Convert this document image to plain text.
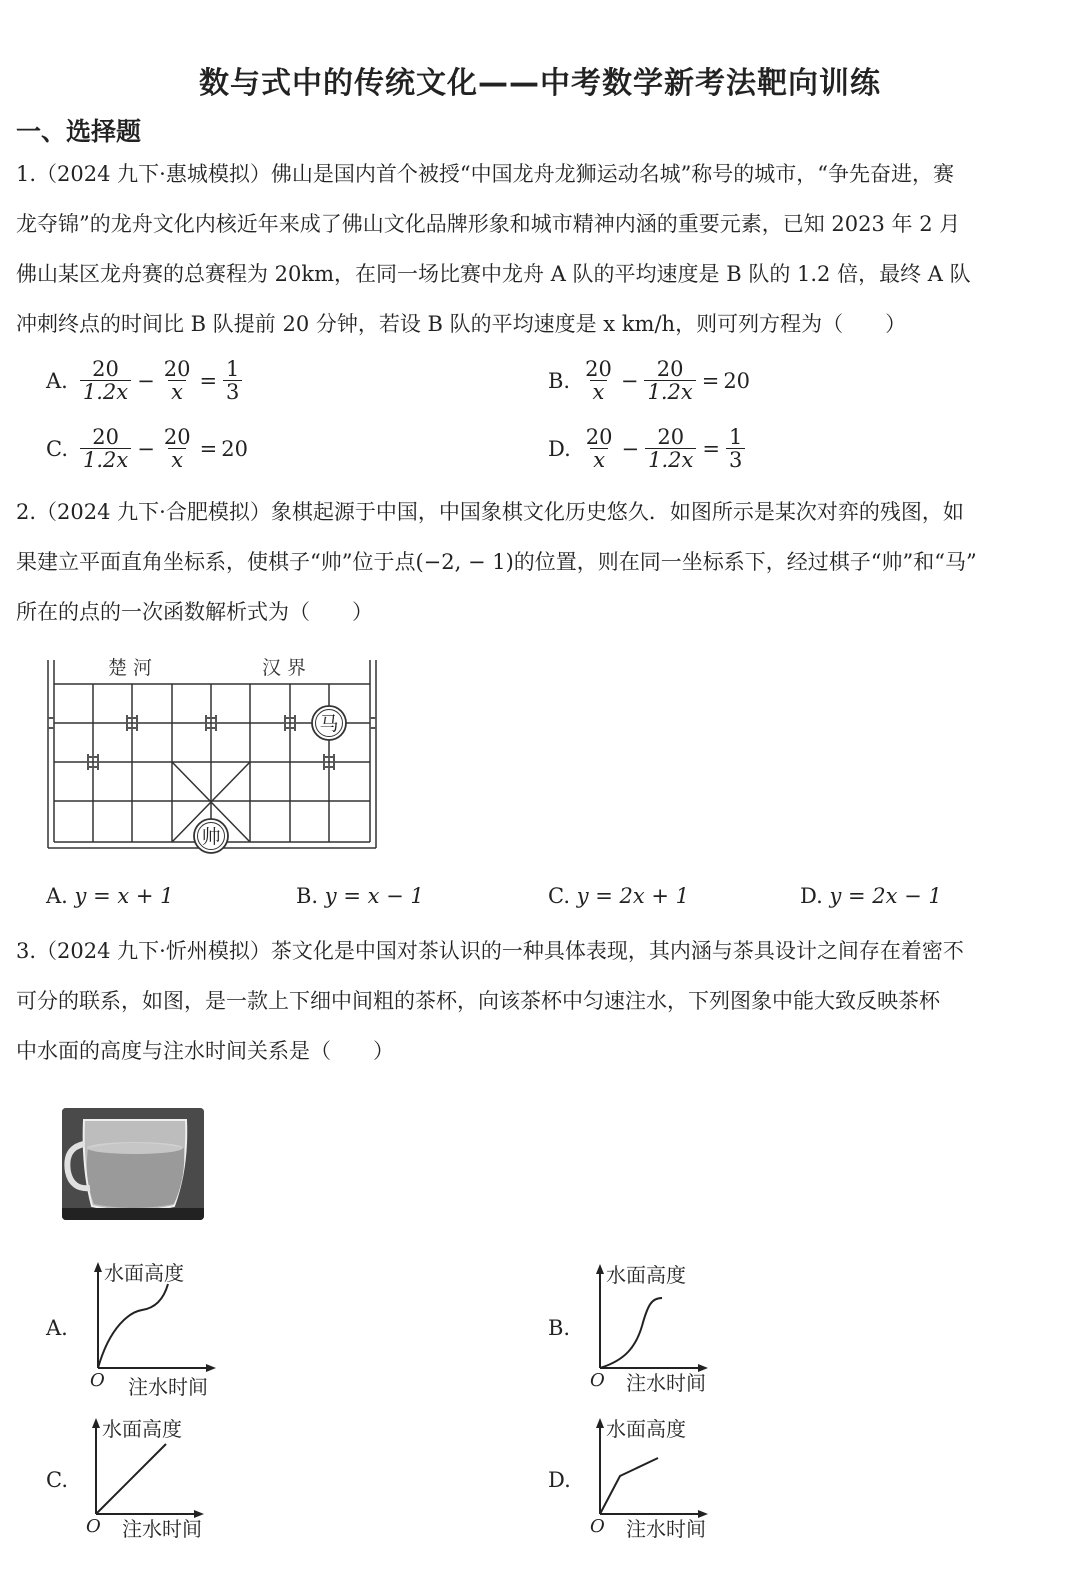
数与式中的传统文化——中考数学新考法靶向训练
一、选择题
1.（2024 九下·惠城模拟）佛山是国内首个被授“中国龙舟龙狮运动名城”称号的城市，“争先奋进，赛
龙夺锦”的龙舟文化内核近年来成了佛山文化品牌形象和城市精神内涵的重要元素，已知 2023 年 2 月
佛山某区龙舟赛的总赛程为 20km，在同一场比赛中龙舟 A 队的平均速度是 B 队的 1.2 倍，最终 A 队
冲刺终点的时间比 B 队提前 20 分钟，若设 B 队的平均速度是 x km/h，则可列方程为（　　）
A. $\frac{20}{1.2x} - \frac{20}{x} = \frac{1}{3}$	B. $\frac{20}{x} - \frac{20}{1.2x} = 20$
C. $\frac{20}{1.2x} - \frac{20}{x} = 20$	D. $\frac{20}{x} - \frac{20}{1.2x} = \frac{1}{3}$
2.（2024 九下·合肥模拟）象棋起源于中国，中国象棋文化历史悠久．如图所示是某次对弈的残图，如
果建立平面直角坐标系，使棋子“帅”位于点(−2, − 1)的位置，则在同一坐标系下，经过棋子“帅”和“马”
所在的点的一次函数解析式为（　　）
楚 河	汉 界
马
帅
A. y = x + 1	B. y = x − 1	C. y = 2x + 1	D. y = 2x − 1
3.（2024 九下·忻州模拟）茶文化是中国对茶认识的一种具体表现，其内涵与茶具设计之间存在着密不
可分的联系，如图，是一款上下细中间粗的茶杯，向该茶杯中匀速注水，下列图象中能大致反映茶杯
中水面的高度与注水时间关系是（　　）
A.
水面高度
O 注水时间
B.
水面高度
O 注水时间
C.
水面高度
O 注水时间
D.
水面高度
O 注水时间
